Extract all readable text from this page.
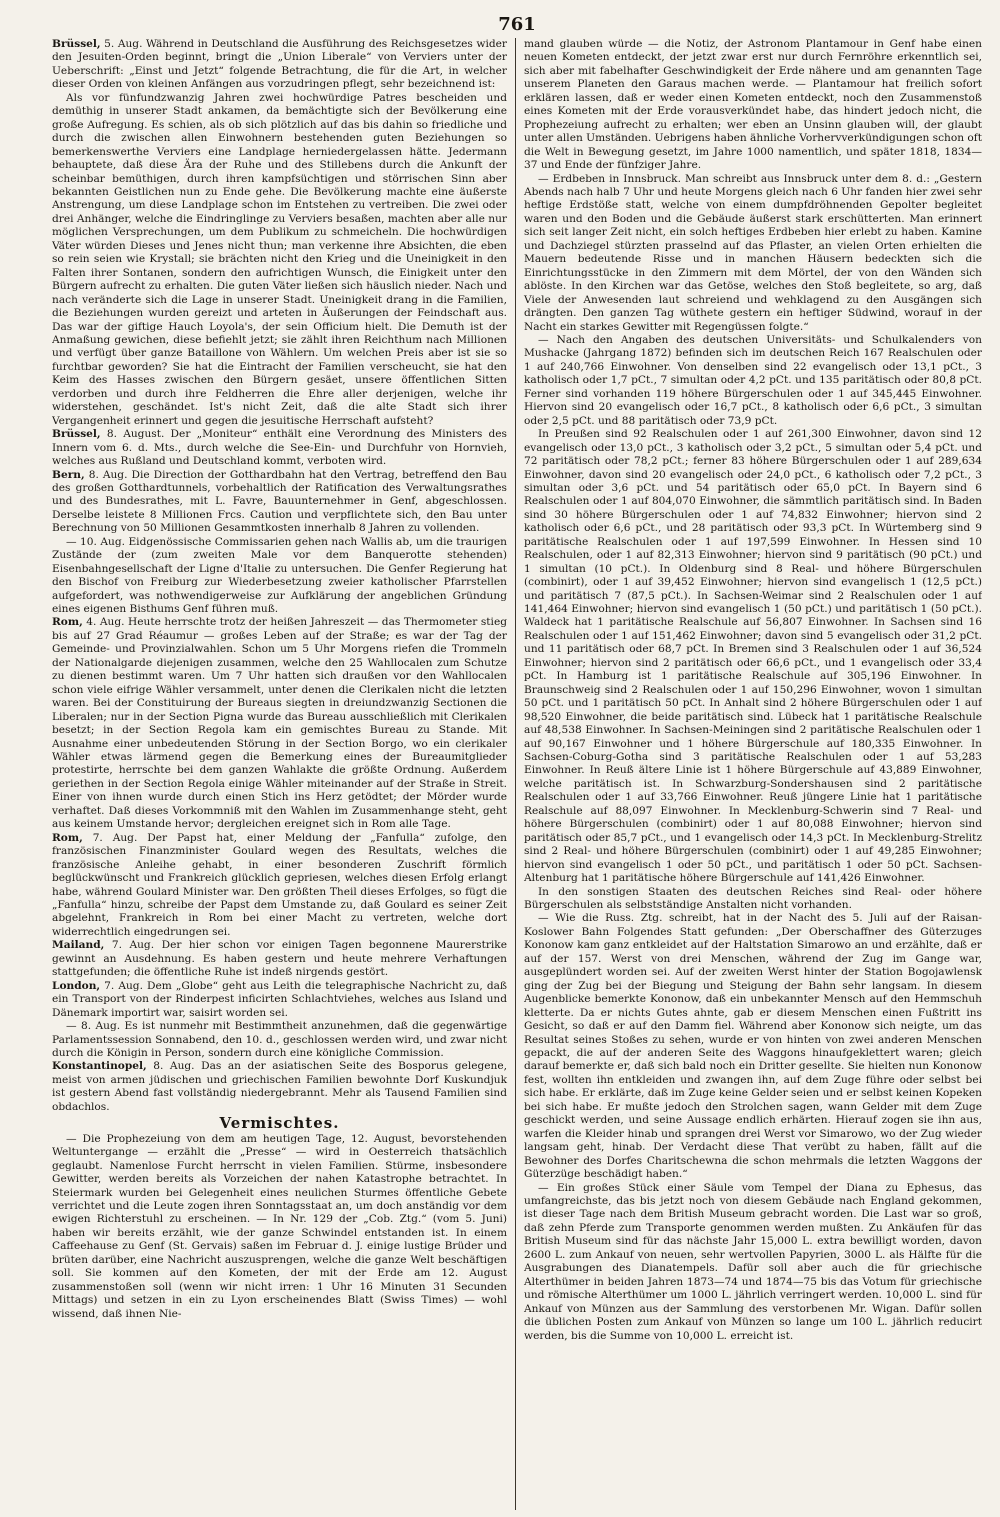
761

Brüssel, 5. Aug. Während in Deutschland die Ausführung des Reichsgesetzes wider den Jesuiten-Orden beginnt, bringt die „Union Liberale“ von Verviers unter der Ueberschrift: „Einst und Jetzt“ folgende Betrachtung, die für die Art, in welcher dieser Orden von kleinen Anfängen aus vorzudringen pflegt, sehr bezeichnend ist:

Als vor fünfundzwanzig Jahren zwei hochwürdige Patres bescheiden und demüthig in unserer Stadt ankamen, da bemächtigte sich der Bevölkerung eine große Aufregung. Es schien, als ob sich plötzlich auf das bis dahin so friedliche und durch die zwischen allen Einwohnern bestehenden guten Beziehungen so bemerkenswerthe Verviers eine Landplage herniedergelassen hätte. Jedermann behauptete, daß diese Ära der Ruhe und des Stillebens durch die Ankunft der scheinbar bemüthigen, durch ihren kampfsüchtigen und störrischen Sinn aber bekannten Geistlichen nun zu Ende gehe. Die Bevölkerung machte eine äußerste Anstrengung, um diese Landplage schon im Entstehen zu vertreiben. Die zwei oder drei Anhänger, welche die Eindringlinge zu Verviers besaßen, machten aber alle nur möglichen Versprechungen, um dem Publikum zu schmeicheln. Die hochwürdigen Väter würden Dieses und Jenes nicht thun; man verkenne ihre Absichten, die eben so rein seien wie Krystall; sie brächten nicht den Krieg und die Uneinigkeit in den Falten ihrer Sontanen, sondern den aufrichtigen Wunsch, die Einigkeit unter den Bürgern aufrecht zu erhalten. Die guten Väter ließen sich häuslich nieder. Nach und nach veränderte sich die Lage in unserer Stadt. Uneinigkeit drang in die Familien, die Beziehungen wurden gereizt und arteten in Äußerungen der Feindschaft aus. Das war der giftige Hauch Loyola's, der sein Officium hielt. Die Demuth ist der Anmaßung gewichen, diese befiehlt jetzt; sie zählt ihren Reichthum nach Millionen und verfügt über ganze Bataillone von Wählern. Um welchen Preis aber ist sie so furchtbar geworden? Sie hat die Eintracht der Familien verscheucht, sie hat den Keim des Hasses zwischen den Bürgern gesäet, unsere öffentlichen Sitten verdorben und durch ihre Feldherren die Ehre aller derjenigen, welche ihr widerstehen, geschändet. Ist's nicht Zeit, daß die alte Stadt sich ihrer Vergangenheit erinnert und gegen die jesuitische Herrschaft aufsteht?

Brüssel, 8. August. Der „Moniteur“ enthält eine Verordnung des Ministers des Innern vom 6. d. Mts., durch welche die See-Ein- und Durchfuhr von Hornvieh, welches aus Rußland und Deutschland kommt, verboten wird.

Bern, 8. Aug. Die Direction der Gotthardbahn hat den Vertrag, betreffend den Bau des großen Gotthardtunnels, vorbehaltlich der Ratification des Verwaltungsrathes und des Bundesrathes, mit L. Favre, Bauunternehmer in Genf, abgeschlossen. Derselbe leistete 8 Millionen Frcs. Caution und verpflichtete sich, den Bau unter Berechnung von 50 Millionen Gesammtkosten innerhalb 8 Jahren zu vollenden.

— 10. Aug. Eidgenössische Commissarien gehen nach Wallis ab, um die traurigen Zustände der (zum zweiten Male vor dem Banquerotte stehenden) Eisenbahngesellschaft der Ligne d'Italie zu untersuchen. Die Genfer Regierung hat den Bischof von Freiburg zur Wiederbesetzung zweier katholischer Pfarrstellen aufgefordert, was nothwendigerweise zur Aufklärung der angeblichen Gründung eines eigenen Bisthums Genf führen muß.

Rom, 4. Aug. Heute herrschte trotz der heißen Jahreszeit — das Thermometer stieg bis auf 27 Grad Réaumur — großes Leben auf der Straße; es war der Tag der Gemeinde- und Provinzialwahlen. Schon um 5 Uhr Morgens riefen die Trommeln der Nationalgarde diejenigen zusammen, welche den 25 Wahllocalen zum Schutze zu dienen bestimmt waren. Um 7 Uhr hatten sich draußen vor den Wahllocalen schon viele eifrige Wähler versammelt, unter denen die Clerikalen nicht die letzten waren. Bei der Constituirung der Bureaus siegten in dreiundzwanzig Sectionen die Liberalen; nur in der Section Pigna wurde das Bureau ausschließlich mit Clerikalen besetzt; in der Section Regola kam ein gemischtes Bureau zu Stande. Mit Ausnahme einer unbedeutenden Störung in der Section Borgo, wo ein clerikaler Wähler etwas lärmend gegen die Bemerkung eines der Bureaumitglieder protestirte, herrschte bei dem ganzen Wahlakte die größte Ordnung. Außerdem geriethen in der Section Regola einige Wähler miteinander auf der Straße in Streit. Einer von ihnen wurde durch einen Stich ins Herz getödtet; der Mörder wurde verhaftet. Daß dieses Vorkommniß mit den Wahlen im Zusammenhange steht, geht aus keinem Umstande hervor; dergleichen ereignet sich in Rom alle Tage.

Rom, 7. Aug. Der Papst hat, einer Meldung der „Fanfulla“ zufolge, den französischen Finanzminister Goulard wegen des Resultats, welches die französische Anleihe gehabt, in einer besonderen Zuschrift förmlich beglückwünscht und Frankreich glücklich gepriesen, welches diesen Erfolg erlangt habe, während Goulard Minister war. Den größten Theil dieses Erfolges, so fügt die „Fanfulla“ hinzu, schreibe der Papst dem Umstande zu, daß Goulard es seiner Zeit abgelehnt, Frankreich in Rom bei einer Macht zu vertreten, welche dort widerrechtlich eingedrungen sei.

Mailand, 7. Aug. Der hier schon vor einigen Tagen begonnene Maurerstrike gewinnt an Ausdehnung. Es haben gestern und heute mehrere Verhaftungen stattgefunden; die öffentliche Ruhe ist indeß nirgends gestört.

London, 7. Aug. Dem „Globe“ geht aus Leith die telegraphische Nachricht zu, daß ein Transport von der Rinderpest inficirten Schlachtviehes, welches aus Island und Dänemark importirt war, saisirt worden sei.

— 8. Aug. Es ist nunmehr mit Bestimmtheit anzunehmen, daß die gegenwärtige Parlamentssession Sonnabend, den 10. d., geschlossen werden wird, und zwar nicht durch die Königin in Person, sondern durch eine königliche Commission.

Konstantinopel, 8. Aug. Das an der asiatischen Seite des Bosporus gelegene, meist von armen jüdischen und griechischen Familien bewohnte Dorf Kuskundjuk ist gestern Abend fast vollständig niedergebrannt. Mehr als Tausend Familien sind obdachlos.

Vermischtes.

— Die Prophezeiung von dem am heutigen Tage, 12. August, bevorstehenden Weltuntergange — erzählt die „Presse“ — wird in Oesterreich thatsächlich geglaubt. Namenlose Furcht herrscht in vielen Familien. Stürme, insbesondere Gewitter, werden bereits als Vorzeichen der nahen Katastrophe betrachtet. In Steiermark wurden bei Gelegenheit eines neulichen Sturmes öffentliche Gebete verrichtet und die Leute zogen ihren Sonntagsstaat an, um doch anständig vor dem ewigen Richterstuhl zu erscheinen. — In Nr. 129 der „Cob. Ztg.“ (vom 5. Juni) haben wir bereits erzählt, wie der ganze Schwindel entstanden ist. In einem Caffeehause zu Genf (St. Gervais) saßen im Februar d. J. einige lustige Brüder und brüten darüber, eine Nachricht auszusprengen, welche die ganze Welt beschäftigen soll. Sie kommen auf den Kometen, der mit der Erde am 12. August zusammenstoßen soll (wenn wir nicht irren: 1 Uhr 16 Minuten 31 Secunden Mittags) und setzen in ein zu Lyon erscheinendes Blatt (Swiss Times) — wohl wissend, daß ihnen Nie-

mand glauben würde — die Notiz, der Astronom Plantamour in Genf habe einen neuen Kometen entdeckt, der jetzt zwar erst nur durch Fernröhre erkenntlich sei, sich aber mit fabelhafter Geschwindigkeit der Erde nähere und am genannten Tage unserem Planeten den Garaus machen werde. — Plantamour hat freilich sofort erklären lassen, daß er weder einen Kometen entdeckt, noch den Zusammenstoß eines Kometen mit der Erde vorausverkündet habe, das hindert jedoch nicht, die Prophezeiung aufrecht zu erhalten; wer eben an Unsinn glauben will, der glaubt unter allen Umständen. Uebrigens haben ähnliche Vorhervverkündigungen schon oft die Welt in Bewegung gesetzt, im Jahre 1000 namentlich, und später 1818, 1834—37 und Ende der fünfziger Jahre.

— Erdbeben in Innsbruck. Man schreibt aus Innsbruck unter dem 8. d.: „Gestern Abends nach halb 7 Uhr und heute Morgens gleich nach 6 Uhr fanden hier zwei sehr heftige Erdstöße statt, welche von einem dumpfdröhnenden Gepolter begleitet waren und den Boden und die Gebäude äußerst stark erschütterten. Man erinnert sich seit langer Zeit nicht, ein solch heftiges Erdbeben hier erlebt zu haben. Kamine und Dachziegel stürzten prasselnd auf das Pflaster, an vielen Orten erhielten die Mauern bedeutende Risse und in manchen Häusern bedeckten sich die Einrichtungsstücke in den Zimmern mit dem Mörtel, der von den Wänden sich ablöste. In den Kirchen war das Getöse, welches den Stoß begleitete, so arg, daß Viele der Anwesenden laut schreiend und wehklagend zu den Ausgängen sich drängten. Den ganzen Tag wüthete gestern ein heftiger Südwind, worauf in der Nacht ein starkes Gewitter mit Regengüssen folgte.“

— Nach den Angaben des deutschen Universitäts- und Schulkalenders von Mushacke (Jahrgang 1872) befinden sich im deutschen Reich 167 Realschulen oder 1 auf 240,766 Einwohner. Von denselben sind 22 evangelisch oder 13,1 pCt., 3 katholisch oder 1,7 pCt., 7 simultan oder 4,2 pCt. und 135 paritätisch oder 80,8 pCt. Ferner sind vorhanden 119 höhere Bürgerschulen oder 1 auf 345,445 Einwohner. Hiervon sind 20 evangelisch oder 16,7 pCt., 8 katholisch oder 6,6 pCt., 3 simultan oder 2,5 pCt. und 88 paritätisch oder 73,9 pCt.

In Preußen sind 92 Realschulen oder 1 auf 261,300 Einwohner, davon sind 12 evangelisch oder 13,0 pCt., 3 katholisch oder 3,2 pCt., 5 simultan oder 5,4 pCt. und 72 paritätisch oder 78,2 pCt.; ferner 83 höhere Bürgerschulen oder 1 auf 289,634 Einwohner, davon sind 20 evangelisch oder 24,0 pCt., 6 katholisch oder 7,2 pCt., 3 simultan oder 3,6 pCt. und 54 paritätisch oder 65,0 pCt. In Bayern sind 6 Realschulen oder 1 auf 804,070 Einwohner, die sämmtlich paritätisch sind. In Baden sind 30 höhere Bürgerschulen oder 1 auf 74,832 Einwohner; hiervon sind 2 katholisch oder 6,6 pCt., und 28 paritätisch oder 93,3 pCt. In Würtemberg sind 9 paritätische Realschulen oder 1 auf 197,599 Einwohner. In Hessen sind 10 Realschulen, oder 1 auf 82,313 Einwohner; hiervon sind 9 paritätisch (90 pCt.) und 1 simultan (10 pCt.). In Oldenburg sind 8 Real- und höhere Bürgerschulen (combinirt), oder 1 auf 39,452 Einwohner; hiervon sind evangelisch 1 (12,5 pCt.) und paritätisch 7 (87,5 pCt.). In Sachsen-Weimar sind 2 Realschulen oder 1 auf 141,464 Einwohner; hiervon sind evangelisch 1 (50 pCt.) und paritätisch 1 (50 pCt.). Waldeck hat 1 paritätische Realschule auf 56,807 Einwohner. In Sachsen sind 16 Realschulen oder 1 auf 151,462 Einwohner; davon sind 5 evangelisch oder 31,2 pCt. und 11 paritätisch oder 68,7 pCt. In Bremen sind 3 Realschulen oder 1 auf 36,524 Einwohner; hiervon sind 2 paritätisch oder 66,6 pCt., und 1 evangelisch oder 33,4 pCt. In Hamburg ist 1 paritätische Realschule auf 305,196 Einwohner. In Braunschweig sind 2 Realschulen oder 1 auf 150,296 Einwohner, wovon 1 simultan 50 pCt. und 1 paritätisch 50 pCt. In Anhalt sind 2 höhere Bürgerschulen oder 1 auf 98,520 Einwohner, die beide paritätisch sind. Lübeck hat 1 paritätische Realschule auf 48,538 Einwohner. In Sachsen-Meiningen sind 2 paritätische Realschulen oder 1 auf 90,167 Einwohner und 1 höhere Bürgerschule auf 180,335 Einwohner. In Sachsen-Coburg-Gotha sind 3 paritätische Realschulen oder 1 auf 53,283 Einwohner. In Reuß ältere Linie ist 1 höhere Bürgerschule auf 43,889 Einwohner, welche paritätisch ist. In Schwarzburg-Sondershausen sind 2 paritätische Realschulen oder 1 auf 33,766 Einwohner. Reuß jüngere Linie hat 1 paritätische Realschule auf 88,097 Einwohner. In Mecklenburg-Schwerin sind 7 Real- und höhere Bürgerschulen (combinirt) oder 1 auf 80,088 Einwohner; hiervon sind paritätisch oder 85,7 pCt., und 1 evangelisch oder 14,3 pCt. In Mecklenburg-Strelitz sind 2 Real- und höhere Bürgerschulen (combinirt) oder 1 auf 49,285 Einwohner; hiervon sind evangelisch 1 oder 50 pCt., und paritätisch 1 oder 50 pCt. Sachsen-Altenburg hat 1 paritätische höhere Bürgerschule auf 141,426 Einwohner.

In den sonstigen Staaten des deutschen Reiches sind Real- oder höhere Bürgerschulen als selbstständige Anstalten nicht vorhanden.

— Wie die Russ. Ztg. schreibt, hat in der Nacht des 5. Juli auf der Raisan-Koslower Bahn Folgendes Statt gefunden: „Der Oberschaffner des Güterzuges Kononow kam ganz entkleidet auf der Haltstation Simarowo an und erzählte, daß er auf der 157. Werst von drei Menschen, während der Zug im Gange war, ausgeplündert worden sei. Auf der zweiten Werst hinter der Station Bogojawlensk ging der Zug bei der Biegung und Steigung der Bahn sehr langsam. In diesem Augenblicke bemerkte Kononow, daß ein unbekannter Mensch auf den Hemmschuh kletterte. Da er nichts Gutes ahnte, gab er diesem Menschen einen Fußtritt ins Gesicht, so daß er auf den Damm fiel. Während aber Kononow sich neigte, um das Resultat seines Stoßes zu sehen, wurde er von hinten von zwei anderen Menschen gepackt, die auf der anderen Seite des Waggons hinaufgeklettert waren; gleich darauf bemerkte er, daß sich bald noch ein Dritter gesellte. Sie hielten nun Kononow fest, wollten ihn entkleiden und zwangen ihn, auf dem Zuge führe oder selbst bei sich habe. Er erklärte, daß im Zuge keine Gelder seien und er selbst keinen Kopeken bei sich habe. Er mußte jedoch den Strolchen sagen, wann Gelder mit dem Zuge geschickt werden, und seine Aussage endlich erhärten. Hierauf zogen sie ihn aus, warfen die Kleider hinab und sprangen drei Werst vor Simarowo, wo der Zug wieder langsam geht, hinab. Der Verdacht diese That verübt zu haben, fällt auf die Bewohner des Dorfes Charitschewna die schon mehrmals die letzten Waggons der Güterzüge beschädigt haben.“

— Ein großes Stück einer Säule vom Tempel der Diana zu Ephesus, das umfangreichste, das bis jetzt noch von diesem Gebäude nach England gekommen, ist dieser Tage nach dem British Museum gebracht worden. Die Last war so groß, daß zehn Pferde zum Transporte genommen werden mußten. Zu Ankäufen für das British Museum sind für das nächste Jahr 15,000 L. extra bewilligt worden, davon 2600 L. zum Ankauf von neuen, sehr wertvollen Papyrien, 3000 L. als Hälfte für die Ausgrabungen des Dianatempels. Dafür soll aber auch die für griechische Alterthümer in beiden Jahren 1873—74 und 1874—75 bis das Votum für griechische und römische Alterthümer um 1000 L. jährlich verringert werden. 10,000 L. sind für Ankauf von Münzen aus der Sammlung des verstorbenen Mr. Wigan. Dafür sollen die üblichen Posten zum Ankauf von Münzen so lange um 100 L. jährlich reducirt werden, bis die Summe von 10,000 L. erreicht ist.
